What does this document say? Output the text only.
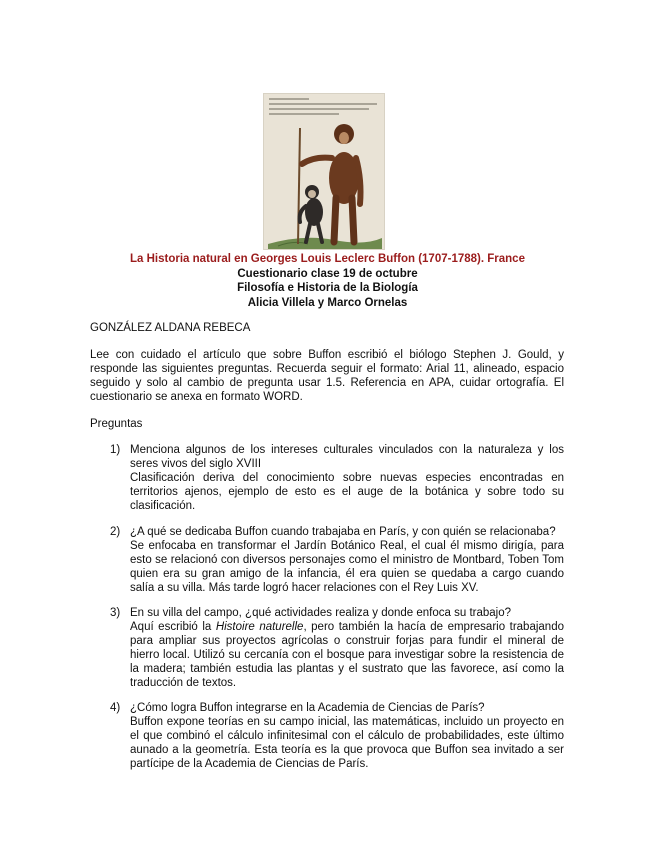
La Historia natural en Georges Louis Leclerc Buffon (1707-1788). France
Cuestionario clase 19 de octubre
Filosofía e Historia de la Biología
Alicia Villela y Marco Ornelas
GONZÁLEZ ALDANA REBECA
Lee con cuidado el artículo que sobre Buffon escribió el biólogo Stephen J. Gould, y responde las siguientes preguntas. Recuerda seguir el formato: Arial 11, alineado, espacio seguido y solo al cambio de pregunta usar 1.5. Referencia en APA, cuidar ortografía. El cuestionario se anexa en formato WORD.
Preguntas
1) Menciona algunos de los intereses culturales vinculados con la naturaleza y los seres vivos del siglo XVIII
Clasificación deriva del conocimiento sobre nuevas especies encontradas en territorios ajenos, ejemplo de esto es el auge de la botánica y sobre todo su clasificación.
2) ¿A qué se dedicaba Buffon cuando trabajaba en París, y con quién se relacionaba?
Se enfocaba en transformar el Jardín Botánico Real, el cual él mismo dirigía, para esto se relacionó con diversos personajes como el ministro de Montbard, Toben Tom quien era su gran amigo de la infancia, él era quien se quedaba a cargo cuando salía a su villa. Más tarde logró hacer relaciones con el Rey Luis XV.
3) En su villa del campo, ¿qué actividades realiza y donde enfoca su trabajo?
Aquí escribió la Histoire naturelle, pero también la hacía de empresario trabajando para ampliar sus proyectos agrícolas o construir forjas para fundir el mineral de hierro local. Utilizó su cercanía con el bosque para investigar sobre la resistencia de la madera; también estudia las plantas y el sustrato que las favorece, así como la traducción de textos.
4) ¿Cómo logra Buffon integrarse en la Academia de Ciencias de París?
Buffon expone teorías en su campo inicial, las matemáticas, incluido un proyecto en el que combinó el cálculo infinitesimal con el cálculo de probabilidades, este último aunado a la geometría. Esta teoría es la que provoca que Buffon sea invitado a ser partícipe de la Academia de Ciencias de París.
